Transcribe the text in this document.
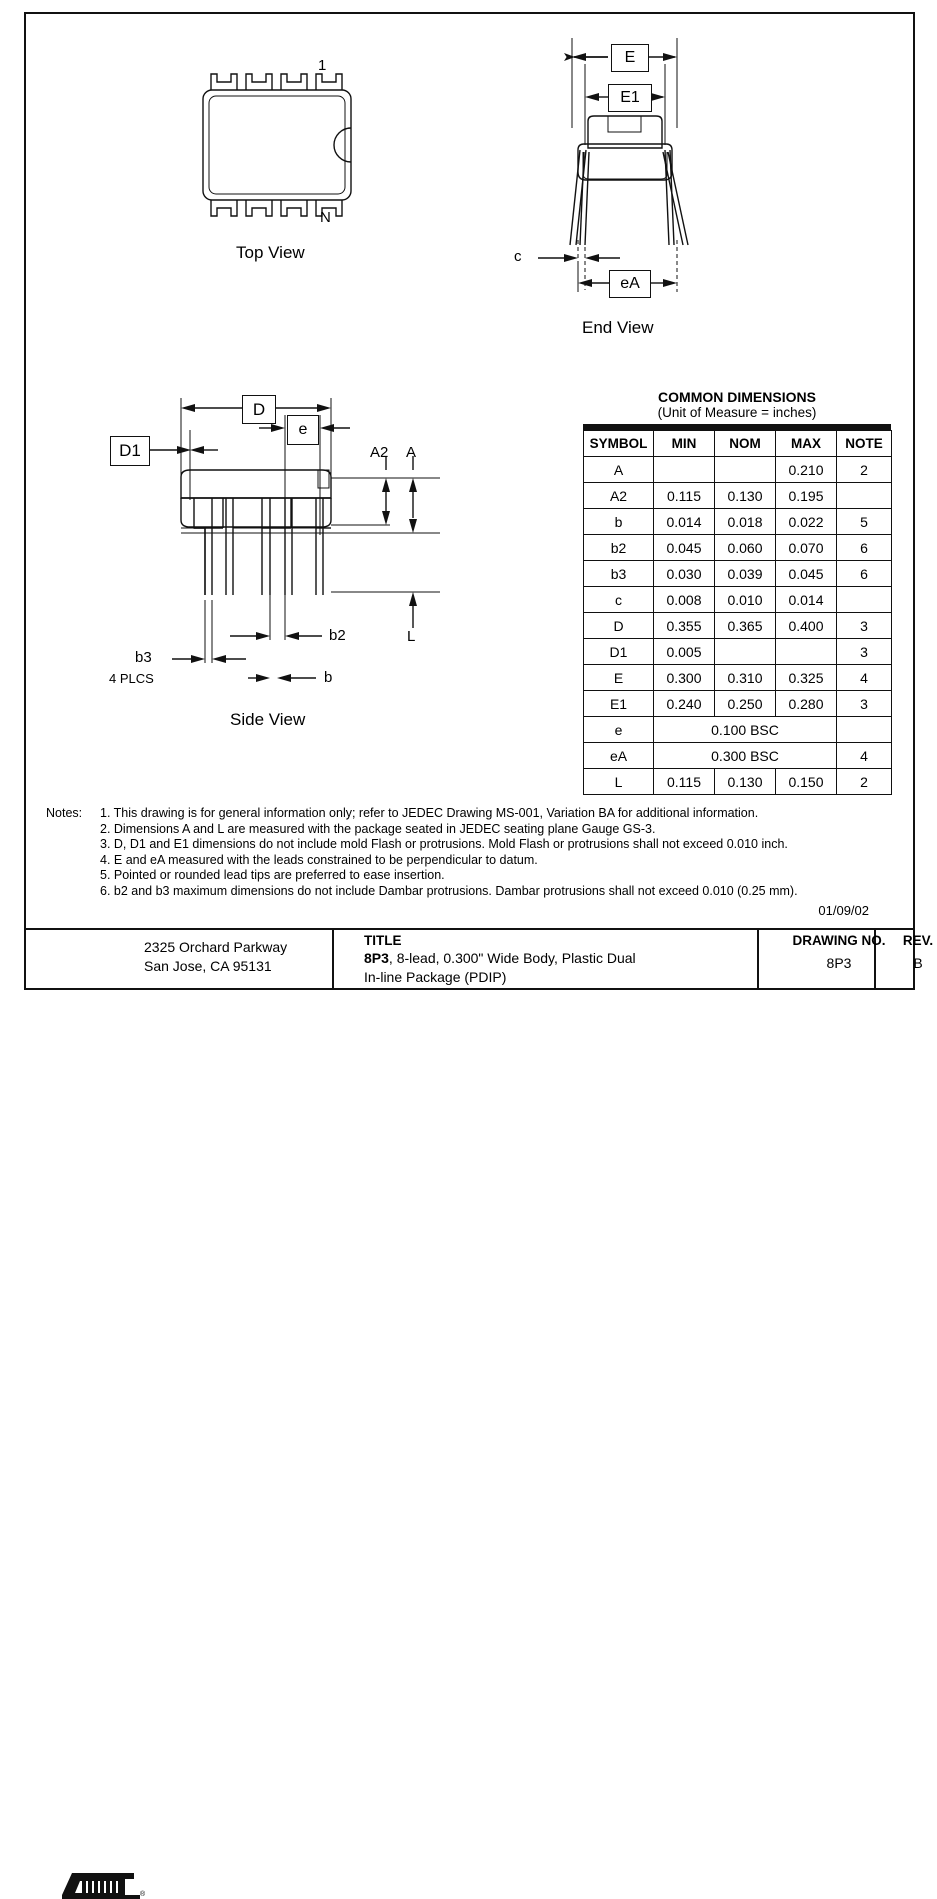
1
N
Top View
E
E1
c
eA
End View
D
D1
e
A2 A
L
b
b2
b3
4 PLCS
Side View
COMMON DIMENSIONS
(Unit of Measure = inches)
SYMBOL	MIN	NOM	MAX	NOTE
A			0.210	2
A2	0.115	0.130	0.195	
b	0.014	0.018	0.022	5
b2	0.045	0.060	0.070	6
b3	0.030	0.039	0.045	6
c	0.008	0.010	0.014	
D	0.355	0.365	0.400	3
D1	0.005			3
E	0.300	0.310	0.325	4
E1	0.240	0.250	0.280	3
e	0.100 BSC			
eA	0.300 BSC			4
L	0.115	0.130	0.150	2
Notes: 1. This drawing is for general information only; refer to JEDEC Drawing MS-001, Variation BA for additional information.
2. Dimensions A and L are measured with the package seated in JEDEC seating plane Gauge GS-3.
3. D, D1 and E1 dimensions do not include mold Flash or protrusions. Mold Flash or protrusions shall not exceed 0.010 inch.
4. E and eA measured with the leads constrained to be perpendicular to datum.
5. Pointed or rounded lead tips are preferred to ease insertion.
6. b2 and b3 maximum dimensions do not include Dambar protrusions. Dambar protrusions shall not exceed 0.010 (0.25 mm).
01/09/02
®
2325 Orchard Parkway
San Jose, CA 95131
TITLE
8P3, 8-lead, 0.300" Wide Body, Plastic Dual
In-line Package (PDIP)
DRAWING NO.
8P3
REV.
B
